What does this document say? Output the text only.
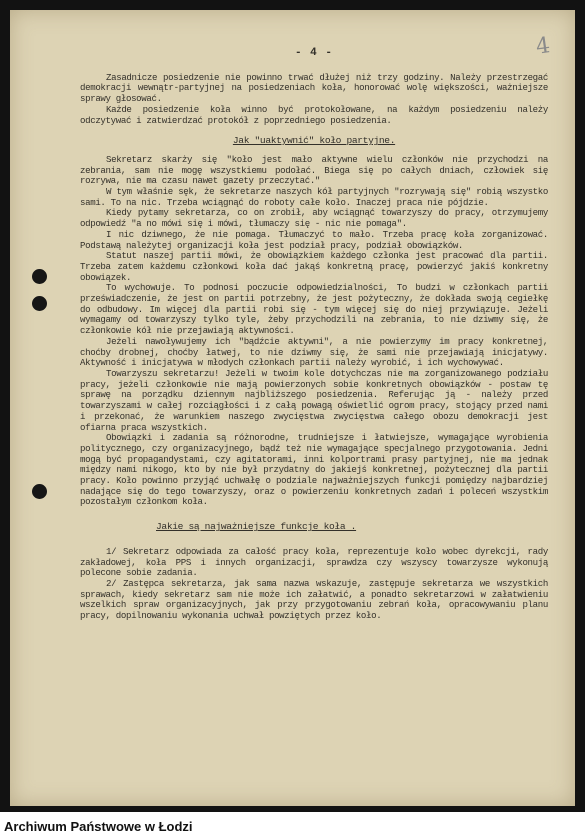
4
- 4 -

Zasadnicze posiedzenie nie powinno trwać dłużej niż trzy godziny. Należy przestrzegać demokracji wewnątr-partyjnej na posiedzeniach koła, honorować wolę większości, ważniejsze sprawy głosować.

Każde posiedzenie koła winno być protokołowane, na każdym posiedzeniu należy odczytywać i zatwierdzać protokół z poprzedniego posiedzenia.

Jak "uaktywnić" koło partyjne.

Sekretarz skarży się "koło jest mało aktywne wielu członków nie przychodzi na zebrania, sam nie mogę wszystkiemu podołać. Biega się po całych dniach, człowiek się rozrywa, nie ma czasu nawet gazety przeczytać."

W tym właśnie sęk, że sekretarze naszych kół partyjnych "rozrywają się" robią wszystko sami. To na nic. Trzeba wciągnąć do roboty całe koło. Inaczej praca nie pójdzie.

Kiedy pytamy sekretarza, co on zrobił, aby wciągnąć towarzyszy do pracy, otrzymujemy odpowiedź "a no mówi się i mówi, tłumaczy się - nic nie pomaga".

I nic dziwnego, że nie pomaga. Tłumaczyć to mało. Trzeba pracę koła zorganizować. Podstawą należytej organizacji koła jest podział pracy, podział obowiązków.

Statut naszej partii mówi, że obowiązkiem każdego członka jest pracować dla partii. Trzeba zatem każdemu członkowi koła dać jakąś konkretną pracę, powierzyć jakiś konkretny obowiązek.

To wychowuje. To podnosi poczucie odpowiedzialności, To budzi w członkach partii przeświadczenie, że jest on partii potrzebny, że jest pożyteczny, że dokłada swoją cegiełkę do odbudowy. Im więcej dla partii robi się - tym więcej się do niej przywiązuje. Jeżeli wymagamy od towarzyszy tylko tyle, żeby przychodzili na zebrania, to nie dziwmy się, że członkowie kół nie przejawiają aktywności.

Jeżeli nawoływujemy ich "bądźcie aktywni", a nie powierzymy im pracy konkretnej, choćby drobnej, choćby łatwej, to nie dziwmy się, że sami nie przejawiają inicjatywy. Aktywność i inicjatywa w młodych członkach partii należy wyrobić, i ich wychowywać.

Towarzyszu sekretarzu! Jeżeli w twoim kole dotychczas nie ma zorganizowanego podziału pracy, jeżeli członkowie nie mają powierzonych sobie konkretnych obowiązków - postaw tę sprawę na porządku dziennym najbliższego posiedzenia. Referując ją - należy przed towarzyszami w całej rozciągłości i z całą powagą oświetlić ogrom pracy, stojący przed nami i przekonać, że warunkiem naszego zwycięstwa zwycięstwa całego obozu demokracji jest ofiarna praca wszystkich.

Obowiązki i zadania są różnorodne, trudniejsze i łatwiejsze, wymagające wyrobienia politycznego, czy organizacyjnego, bądź też nie wymagające specjalnego przygotowania. Jedni mogą być propagandystami, czy agitatorami, inni kolportrami prasy partyjnej, nie ma jednak między nami nikogo, kto by nie był przydatny do jakiejś konkretnej, pożytecznej dla partii pracy. Koło powinno przyjąć uchwałę o podziale najważniejszych funkcji pomiędzy najbardziej nadające się do tego towarzyszy, oraz o powierzeniu konkretnych zadań i poleceń wszystkim pozostałym członkom koła.

Jakie są najważniejsze funkcje koła .

1/ Sekretarz odpowiada za całość pracy koła, reprezentuje koło wobec dyrekcji, rady zakładowej, koła PPS i innych organizacji, sprawdza czy wszyscy towarzysze wykonują polecone sobie zadania.

2/ Zastępca sekretarza, jak sama nazwa wskazuje, zastępuje sekretarza we wszystkich sprawach, kiedy sekretarz sam nie może ich załatwić, a ponadto sekretarzowi w załatwieniu wszelkich spraw organizacyjnych, jak przy przygotowaniu zebrań koła, opracowywaniu planu pracy, dopilnowaniu wykonania uchwał powziętych przez koło.

Archiwum Państwowe w Łodzi
